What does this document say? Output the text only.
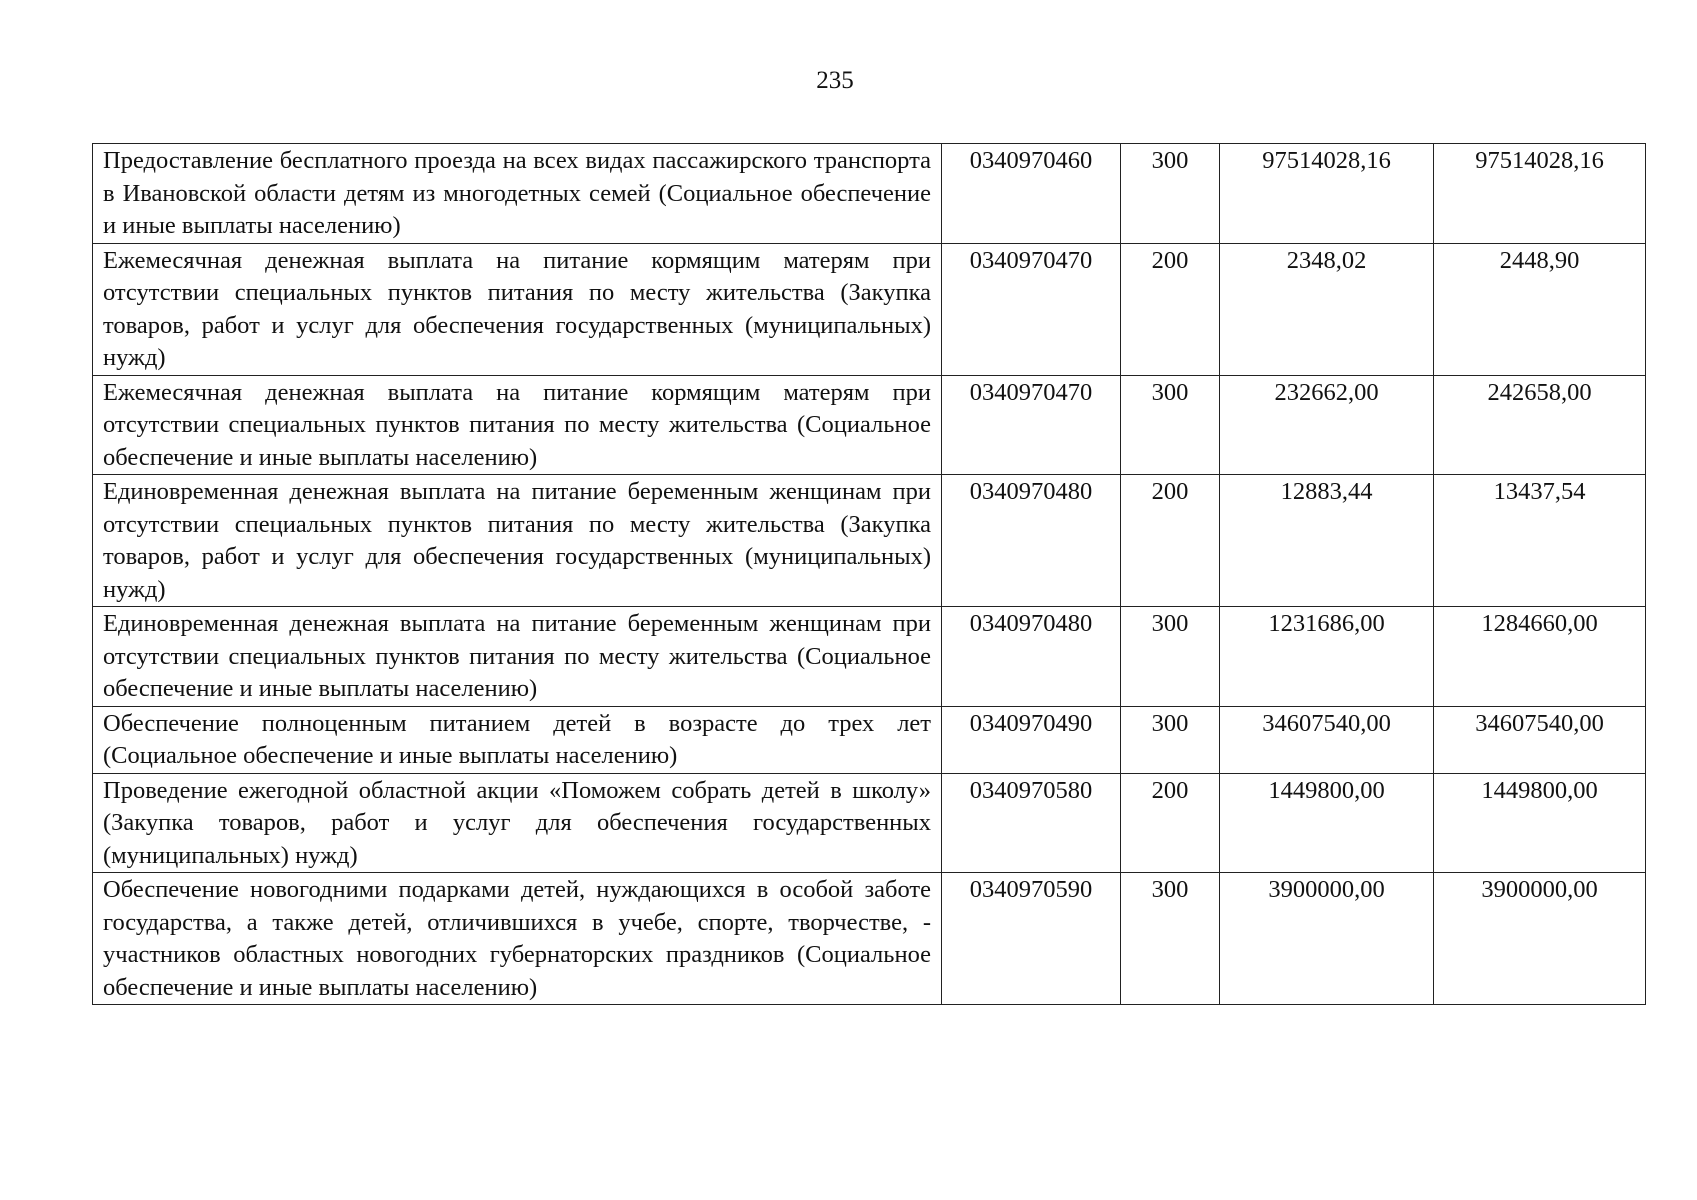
235
Предоставление бесплатного проезда на всех видах пассажирского транспорта в Ивановской области детям из многодетных семей (Социальное обеспечение и иные выплаты населению)	0340970460	300	97514028,16	97514028,16
Ежемесячная денежная выплата на питание кормящим матерям при отсутствии специальных пунктов питания по месту жительства (Закупка товаров, работ и услуг для обеспечения государственных (муниципальных) нужд)	0340970470	200	2348,02	2448,90
Ежемесячная денежная выплата на питание кормящим матерям при отсутствии специальных пунктов питания по месту жительства (Социальное обеспечение и иные выплаты населению)	0340970470	300	232662,00	242658,00
Единовременная денежная выплата на питание беременным женщинам при отсутствии специальных пунктов питания по месту жительства (Закупка товаров, работ и услуг для обеспечения государственных (муниципальных) нужд)	0340970480	200	12883,44	13437,54
Единовременная денежная выплата на питание беременным женщинам при отсутствии специальных пунктов питания по месту жительства (Социальное обеспечение и иные выплаты населению)	0340970480	300	1231686,00	1284660,00
Обеспечение полноценным питанием детей в возрасте до трех лет (Социальное обеспечение и иные выплаты населению)	0340970490	300	34607540,00	34607540,00
Проведение ежегодной областной акции «Поможем собрать детей в школу» (Закупка товаров, работ и услуг для обеспечения государственных (муниципальных) нужд)	0340970580	200	1449800,00	1449800,00
Обеспечение новогодними подарками детей, нуждающихся в особой заботе государства, а также детей, отличившихся в учебе, спорте, творчестве, - участников областных новогодних губернаторских праздников (Социальное обеспечение и иные выплаты населению)	0340970590	300	3900000,00	3900000,00
